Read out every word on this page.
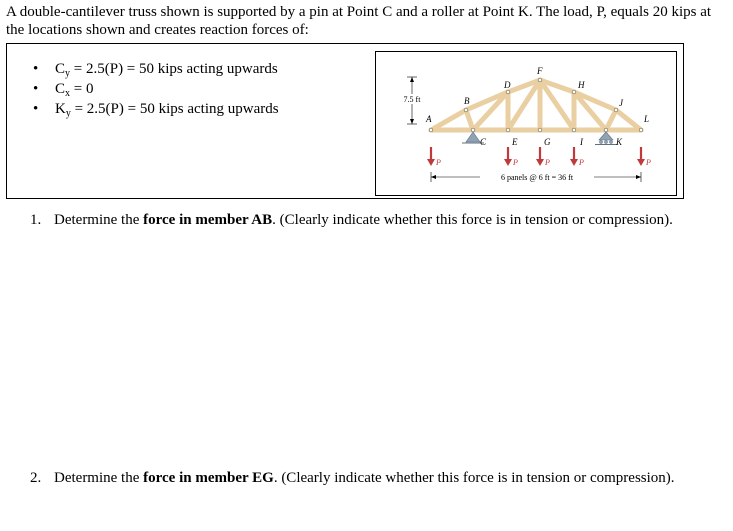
A double-cantilever truss shown is supported by a pin at Point C and a roller at Point K. The load, P, equals 20 kips at the locations shown and creates reaction forces of:
• $C_y = 2.5(P) = 50$ kips acting upwards
• $C_x = 0$
• $K_y = 2.5(P) = 50$ kips acting upwards
7.5 ft
A
B
C
D
E
F
G
H
I
J
K
L
P	P	P	P	P
6 panels @ 6 ft = 36 ft
1. Determine the force in member AB. (Clearly indicate whether this force is in tension or compression).
2. Determine the force in member EG. (Clearly indicate whether this force is in tension or compression).
